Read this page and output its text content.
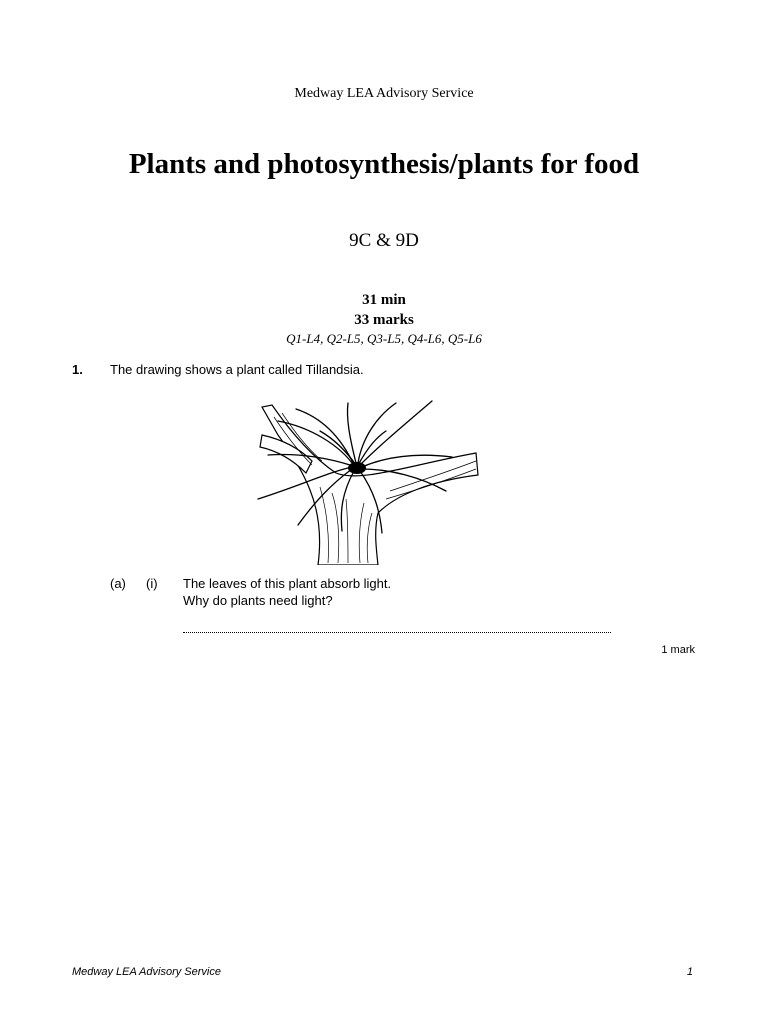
Medway LEA Advisory Service
Plants and photosynthesis/plants for food
9C & 9D
31 min
33 marks
Q1-L4, Q2-L5, Q3-L5, Q4-L6, Q5-L6
1. The drawing shows a plant called Tillandsia.
(a) (i) The leaves of this plant absorb light.
Why do plants need light?
1 mark
Medway LEA Advisory Service	1
